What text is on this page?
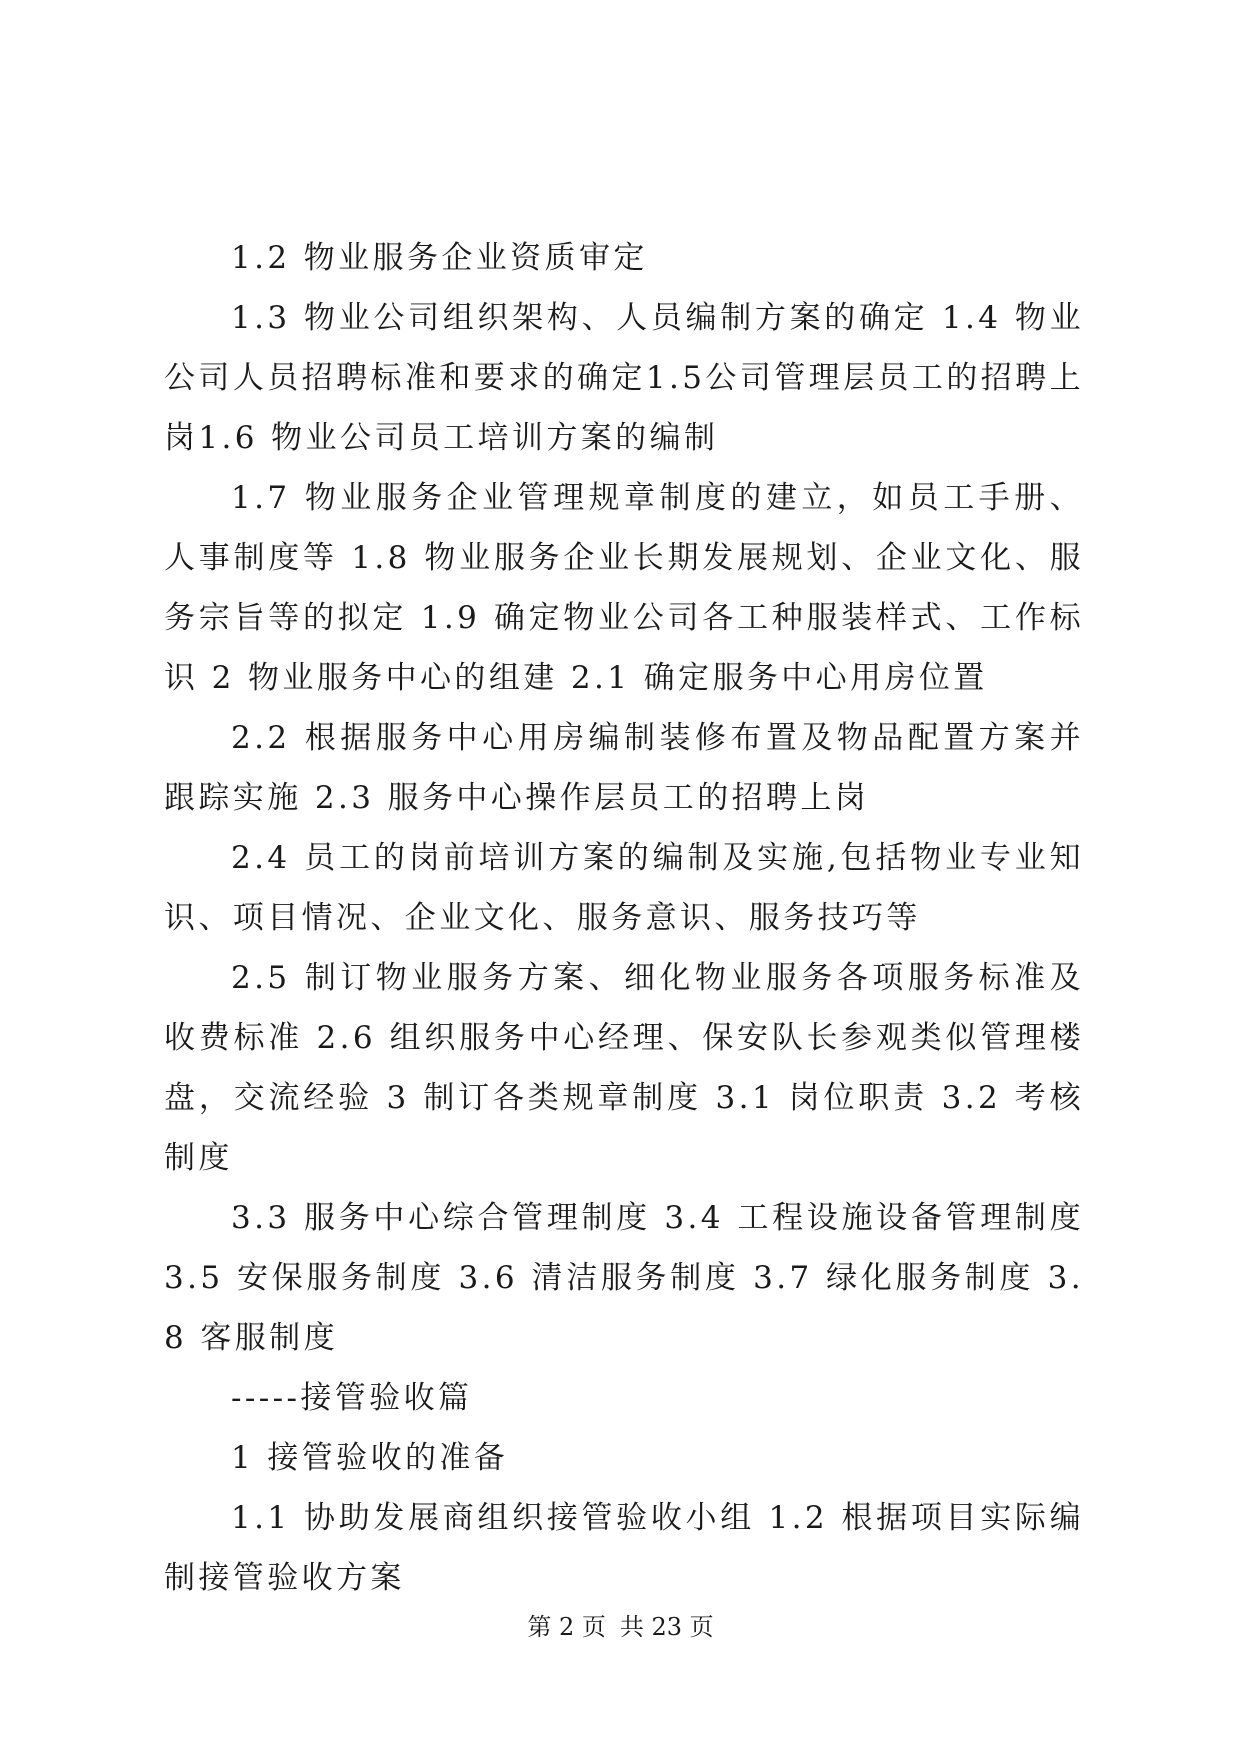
1.2 物业服务企业资质审定

1.3 物业公司组织架构、人员编制方案的确定 1.4 物业公司人员招聘标准和要求的确定1.5公司管理层员工的招聘上岗1.6 物业公司员工培训方案的编制

1.7 物业服务企业管理规章制度的建立，如员工手册、人事制度等 1.8 物业服务企业长期发展规划、企业文化、服务宗旨等的拟定 1.9 确定物业公司各工种服装样式、工作标识 2 物业服务中心的组建 2.1 确定服务中心用房位置

2.2 根据服务中心用房编制装修布置及物品配置方案并跟踪实施 2.3 服务中心操作层员工的招聘上岗

2.4 员工的岗前培训方案的编制及实施,包括物业专业知识、项目情况、企业文化、服务意识、服务技巧等

2.5 制订物业服务方案、细化物业服务各项服务标准及收费标准 2.6 组织服务中心经理、保安队长参观类似管理楼盘，交流经验 3 制订各类规章制度 3.1 岗位职责 3.2 考核制度

3.3 服务中心综合管理制度 3.4 工程设施设备管理制度 3.5 安保服务制度 3.6 清洁服务制度 3.7 绿化服务制度 3.8 客服制度

-----接管验收篇

1 接管验收的准备

1.1 协助发展商组织接管验收小组 1.2 根据项目实际编制接管验收方案

第 2 页 共 23 页
